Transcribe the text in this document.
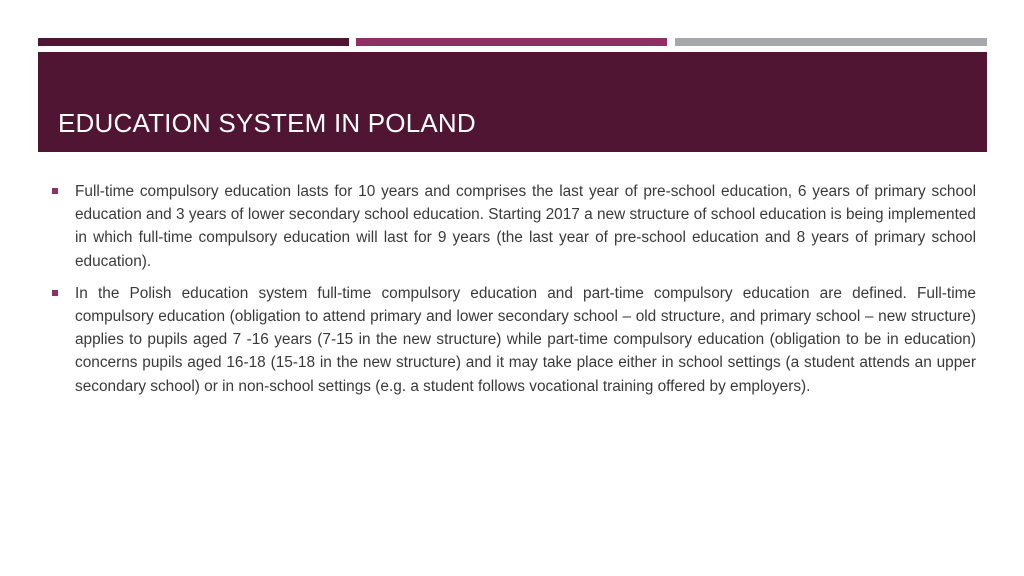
EDUCATION SYSTEM IN POLAND

Full-time compulsory education lasts for 10 years and comprises the last year of pre-school education, 6 years of primary school education and 3 years of lower secondary school education. Starting 2017 a new structure of school education is being implemented in which full-time compulsory education will last for 9 years (the last year of pre-school education and 8 years of primary school education).

In the Polish education system full-time compulsory education and part-time compulsory education are defined. Full-time compulsory education (obligation to attend primary and lower secondary school – old structure, and primary school – new structure) applies to pupils aged 7 -16 years (7-15 in the new structure) while part-time compulsory education (obligation to be in education) concerns pupils aged 16-18 (15-18 in the new structure) and it may take place either in school settings (a student attends an upper secondary school) or in non-school settings (e.g. a student follows vocational training offered by employers).
